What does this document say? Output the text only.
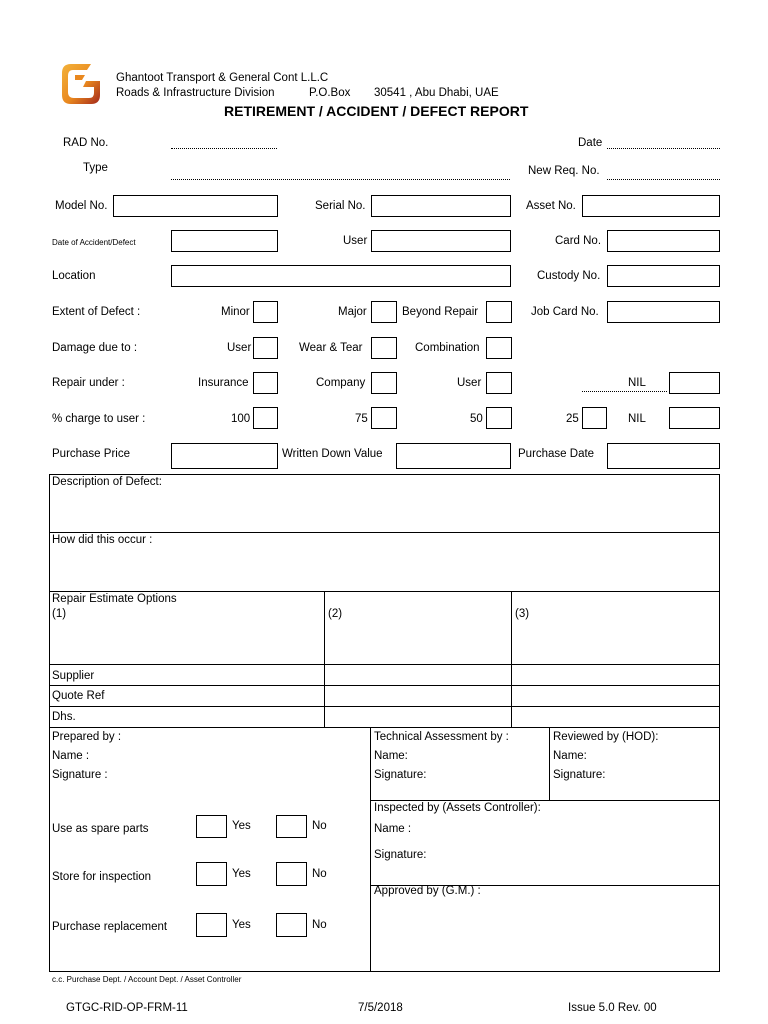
Ghantoot Transport & General Cont L.L.C
Roads & Infrastructure Division	P.O.Box 30541 , Abu Dhabi, UAE
RETIREMENT / ACCIDENT / DEFECT REPORT
RAD No.	Date
Type	New Req. No.
Model No.	Serial No.	Asset No.
Date of Accident/Defect	User	Card No.
Location	Custody No.
Extent of Defect :	Minor	Major	Beyond Repair	Job Card No.
Damage due to :	User	Wear & Tear	Combination
Repair under :	Insurance	Company	User	NIL
% charge to user :	100	75	50	25	NIL
Purchase Price	Written Down Value	Purchase Date
Description of Defect:
How did this occur :
Repair Estimate Options
(1)	(2)	(3)
Supplier
Quote Ref
Dhs.
Prepared by :
Name :
Signature :
Technical Assessment by :
Name:
Signature:
Reviewed by (HOD):
Name:
Signature:
Use as spare parts	Yes	No
Store for inspection	Yes	No
Purchase replacement	Yes	No
Inspected by (Assets Controller):
Name :
Signature:
Approved by (G.M.) :
c.c. Purchase Dept. / Account Dept. / Asset Controller
GTGC-RID-OP-FRM-11	7/5/2018	Issue 5.0 Rev. 00
